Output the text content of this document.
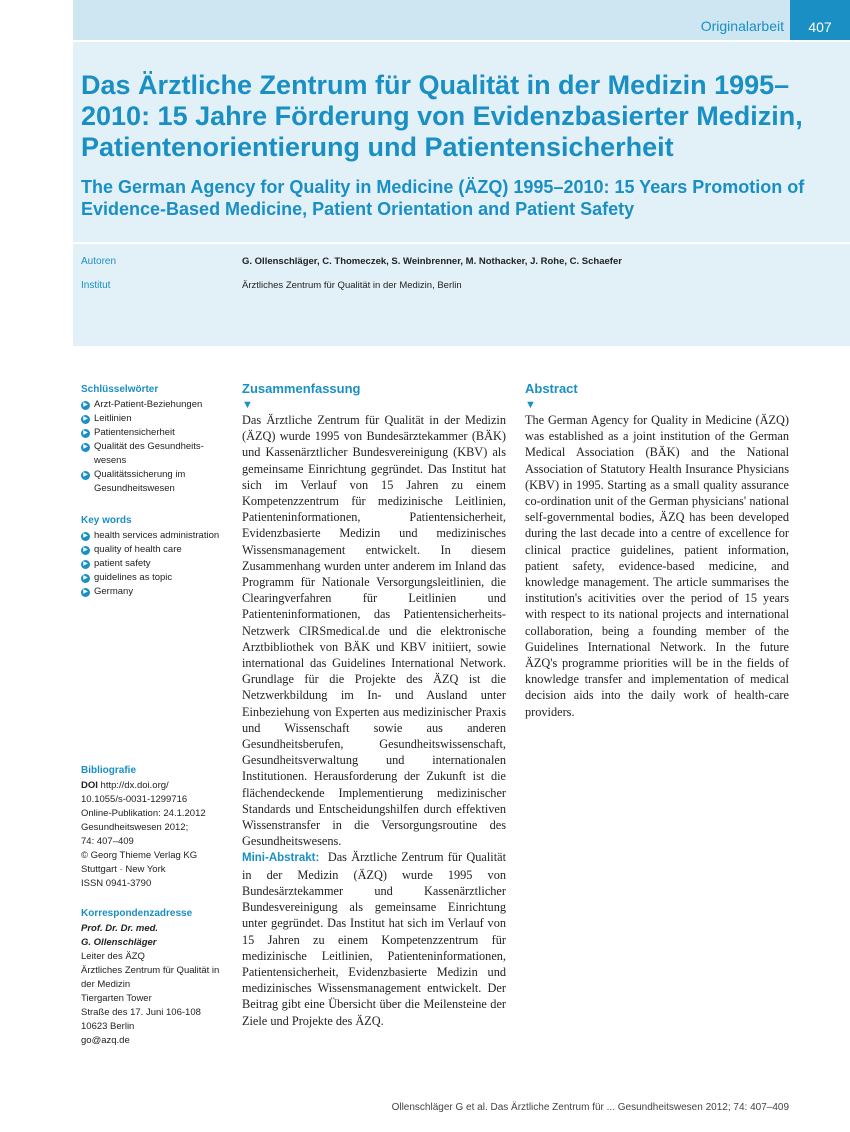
Originalarbeit	407
Das Ärztliche Zentrum für Qualität in der Medizin 1995–2010: 15 Jahre Förderung von Evidenzbasierter Medizin, Patientenorientierung und Patientensicherheit
The German Agency for Quality in Medicine (ÄZQ) 1995–2010: 15 Years Promotion of Evidence-Based Medicine, Patient Orientation and Patient Safety
Autoren	G. Ollenschläger, C. Thomeczek, S. Weinbrenner, M. Nothacker, J. Rohe, C. Schaefer
Institut	Ärztliches Zentrum für Qualität in der Medizin, Berlin
Schlüsselwörter
▶ Arzt-Patient-Beziehungen
▶ Leitlinien
▶ Patientensicherheit
▶ Qualität des Gesundheits-wesens
▶ Qualitätssicherung im Gesundheitswesen
Key words
▶ health services administration
▶ quality of health care
▶ patient safety
▶ guidelines as topic
▶ Germany
Bibliografie
DOI http://dx.doi.org/
10.1055/s-0031-1299716
Online-Publikation: 24.1.2012
Gesundheitswesen 2012;
74: 407–409
© Georg Thieme Verlag KG
Stuttgart · New York
ISSN 0941-3790
Korrespondenzadresse
Prof. Dr. Dr. med.
G. Ollenschläger
Leiter des ÄZQ
Ärztliches Zentrum für Qualität in der Medizin
Tiergarten Tower
Straße des 17. Juni 106-108
10623 Berlin
go@azq.de
Zusammenfassung
▼

Das Ärztliche Zentrum für Qualität in der Medizin (ÄZQ) wurde 1995 von Bundesärztekammer (BÄK) und Kassenärztlicher Bundesvereinigung (KBV) als gemeinsame Einrichtung gegründet. Das Institut hat sich im Verlauf von 15 Jahren zu einem Kompetenzzentrum für medizinische Leitlinien, Patienteninformationen, Patientensicherheit, Evidenzbasierte Medizin und medizinisches Wissensmanagement entwickelt. In diesem Zusammenhang wurden unter anderem im Inland das Programm für Nationale Versorgungsleitlinien, die Clearingverfahren für Leitlinien und Patienteninformationen, das Patientensicherheits-Netzwerk CIRSmedical.de und die elektronische Arztbibliothek von BÄK und KBV initiiert, sowie international das Guidelines International Network. Grundlage für die Projekte des ÄZQ ist die Netzwerkbildung im In- und Ausland unter Einbeziehung von Experten aus medizinischer Praxis und Wissenschaft sowie aus anderen Gesundheitsberufen, Gesundheitswissenschaft, Gesundheitsverwaltung und internationalen Institutionen. Herausforderung der Zukunft ist die flächendeckende Implementierung medizinischer Standards und Entscheidungshilfen durch effektiven Wissenstransfer in die Versorgungsroutine des Gesundheitswesens.

Mini-Abstrakt: Das Ärztliche Zentrum für Qualität in der Medizin (ÄZQ) wurde 1995 von Bundesärztekammer und Kassenärztlicher Bundesvereinigung als gemeinsame Einrichtung unter gegründet. Das Institut hat sich im Verlauf von 15 Jahren zu einem Kompetenzzentrum für medizinische Leitlinien, Patienteninformationen, Patientensicherheit, Evidenzbasierte Medizin und medizinisches Wissensmanagement entwickelt. Der Beitrag gibt eine Übersicht über die Meilensteine der Ziele und Projekte des ÄZQ.

Abstract
▼

The German Agency for Quality in Medicine (ÄZQ) was established as a joint institution of the German Medical Association (BÄK) and the National Association of Statutory Health Insurance Physicians (KBV) in 1995. Starting as a small quality assurance co-ordination unit of the German physicians' national self-governmental bodies, ÄZQ has been developed during the last decade into a centre of excellence for clinical practice guidelines, patient information, patient safety, evidence-based medicine, and knowledge management. The article summarises the institution's acitivities over the period of 15 years with respect to its national projects and international collaboration, being a founding member of the Guidelines International Network. In the future ÄZQ's programme priorities will be in the fields of knowledge transfer and implementation of medical decision aids into the daily work of health-care providers.

Ollenschläger G et al. Das Ärztliche Zentrum für ... Gesundheitswesen 2012; 74: 407–409
